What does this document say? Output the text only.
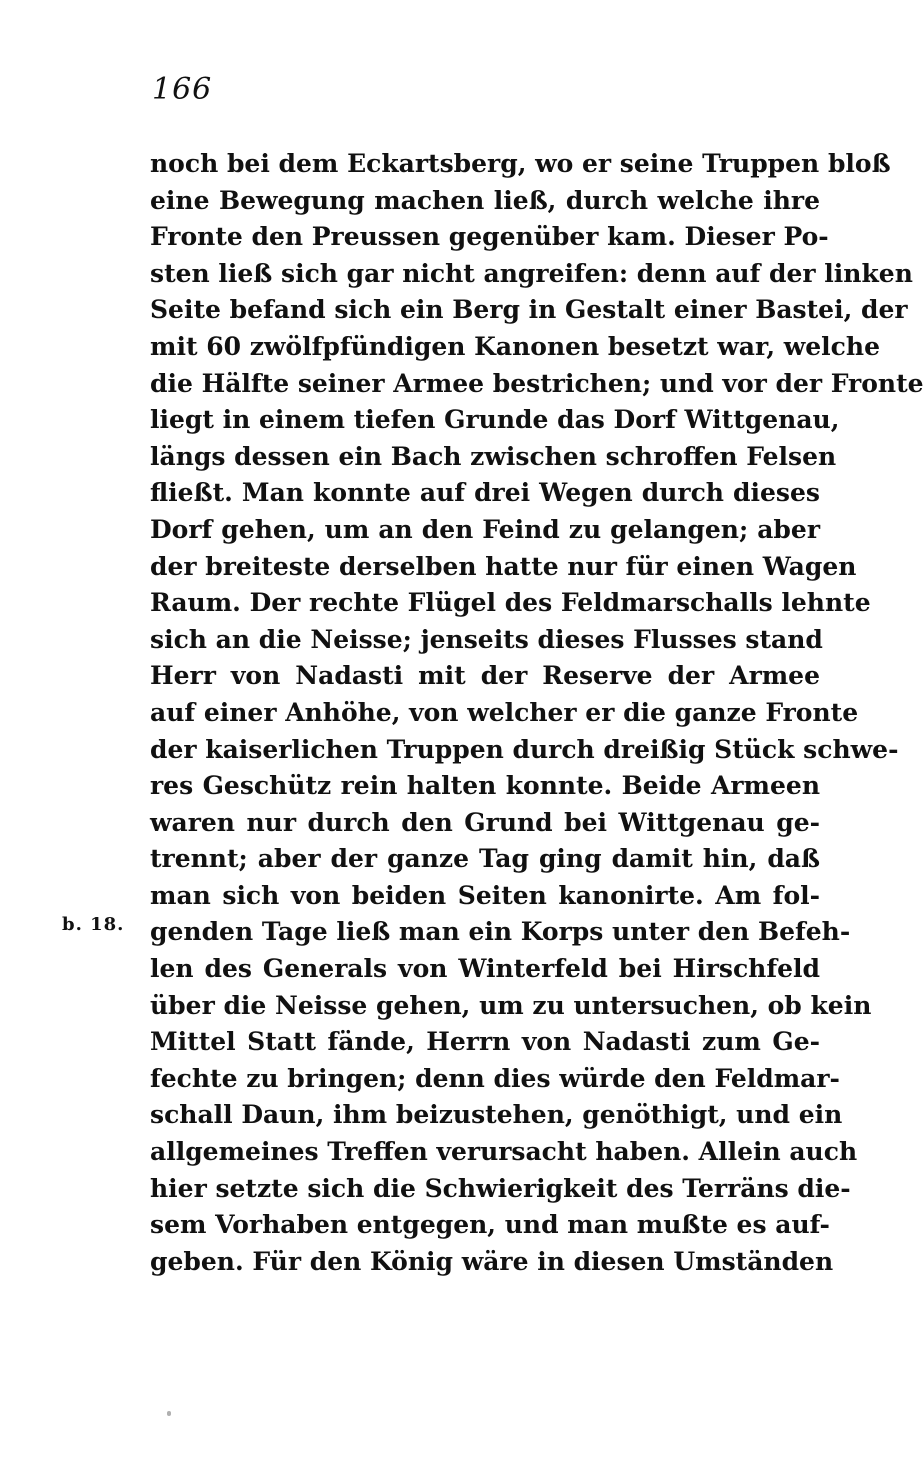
166
noch bei dem Eckartsberg, wo er seine Truppen bloß
eine Bewegung machen ließ, durch welche ihre
Fronte den Preussen gegenüber kam. Dieser Po-
sten ließ sich gar nicht angreifen: denn auf der linken
Seite befand sich ein Berg in Gestalt einer Bastei, der
mit 60 zwölfpfündigen Kanonen besetzt war, welche
die Hälfte seiner Armee bestrichen; und vor der Fronte
liegt in einem tiefen Grunde das Dorf Wittgenau,
längs dessen ein Bach zwischen schroffen Felsen
fließt. Man konnte auf drei Wegen durch dieses
Dorf gehen, um an den Feind zu gelangen; aber
der breiteste derselben hatte nur für einen Wagen
Raum. Der rechte Flügel des Feldmarschalls lehnte
sich an die Neisse; jenseits dieses Flusses stand
Herr von Nadasti mit der Reserve der Armee
auf einer Anhöhe, von welcher er die ganze Fronte
der kaiserlichen Truppen durch dreißig Stück schwe-
res Geschütz rein halten konnte. Beide Armeen
waren nur durch den Grund bei Wittgenau ge-
trennt; aber der ganze Tag ging damit hin, daß
man sich von beiden Seiten kanonirte. Am fol-
genden Tage ließ man ein Korps unter den Befeh-
len des Generals von Winterfeld bei Hirschfeld
über die Neisse gehen, um zu untersuchen, ob kein
Mittel Statt fände, Herrn von Nadasti zum Ge-
fechte zu bringen; denn dies würde den Feldmar-
schall Daun, ihm beizustehen, genöthigt, und ein
allgemeines Treffen verursacht haben. Allein auch
hier setzte sich die Schwierigkeit des Terräns die-
sem Vorhaben entgegen, und man mußte es auf-
geben. Für den König wäre in diesen Umständen
b. 18.
